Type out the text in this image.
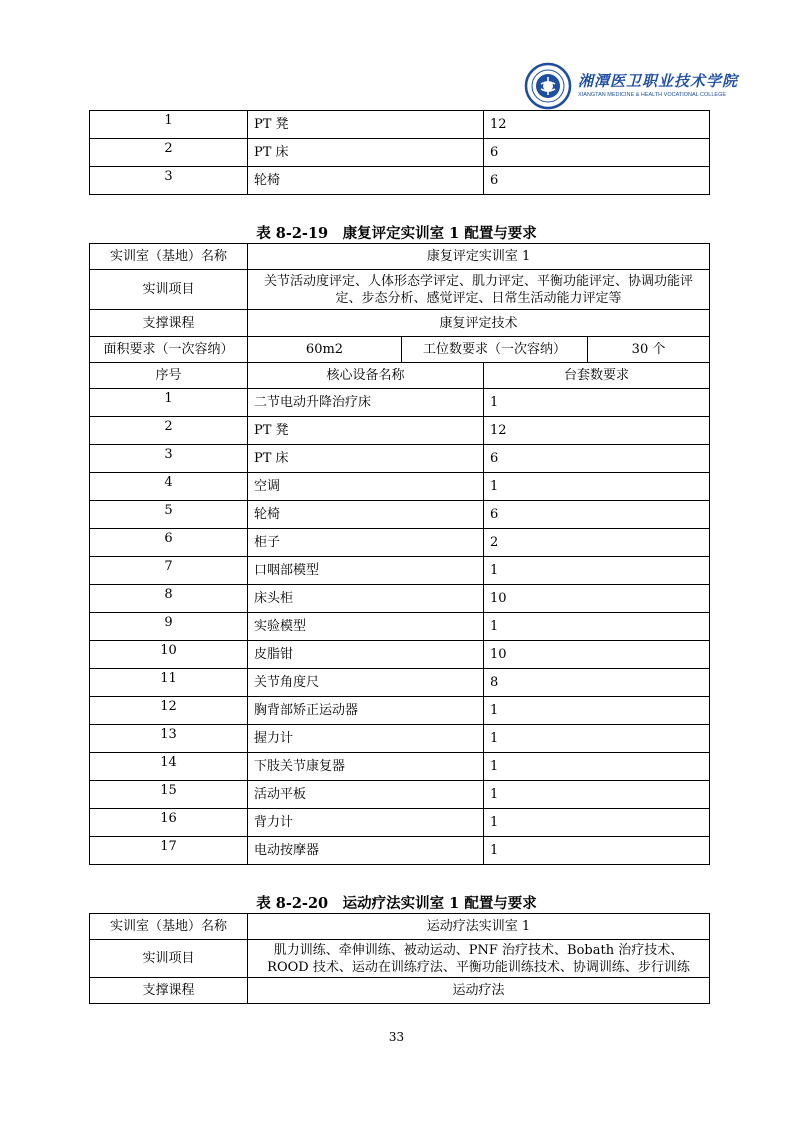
湘潭医卫职业技术学院
XIANGTAN MEDICINE & HEALTH VOCATIONAL COLLEGE
1	PT 凳	12
2	PT 床	6
3	轮椅	6
表 8-2-19　康复评定实训室 1 配置与要求
实训室（基地）名称	康复评定实训室 1			
实训项目	关节活动度评定、人体形态学评定、肌力评定、平衡功能评定、协调功能评定、步态分析、感觉评定、日常生活动能力评定等			
支撑课程	康复评定技术			
面积要求（一次容纳）	60m2	工位数要求（一次容纳）		30 个
序号	核心设备名称		台套数要求	
1	二节电动升降治疗床		1	
2	PT 凳		12	
3	PT 床		6	
4	空调		1	
5	轮椅		6	
6	柜子		2	
7	口咽部模型		1	
8	床头柜		10	
9	实验模型		1	
10	皮脂钳		10	
11	关节角度尺		8	
12	胸背部矫正运动器		1	
13	握力计		1	
14	下肢关节康复器		1	
15	活动平板		1	
16	背力计		1	
17	电动按摩器		1	
表 8-2-20　运动疗法实训室 1 配置与要求
实训室（基地）名称	运动疗法实训室 1
实训项目	肌力训练、牵伸训练、被动运动、PNF 治疗技术、Bobath 治疗技术、ROOD 技术、运动在训练疗法、平衡功能训练技术、协调训练、步行训练
支撑课程	运动疗法
33
